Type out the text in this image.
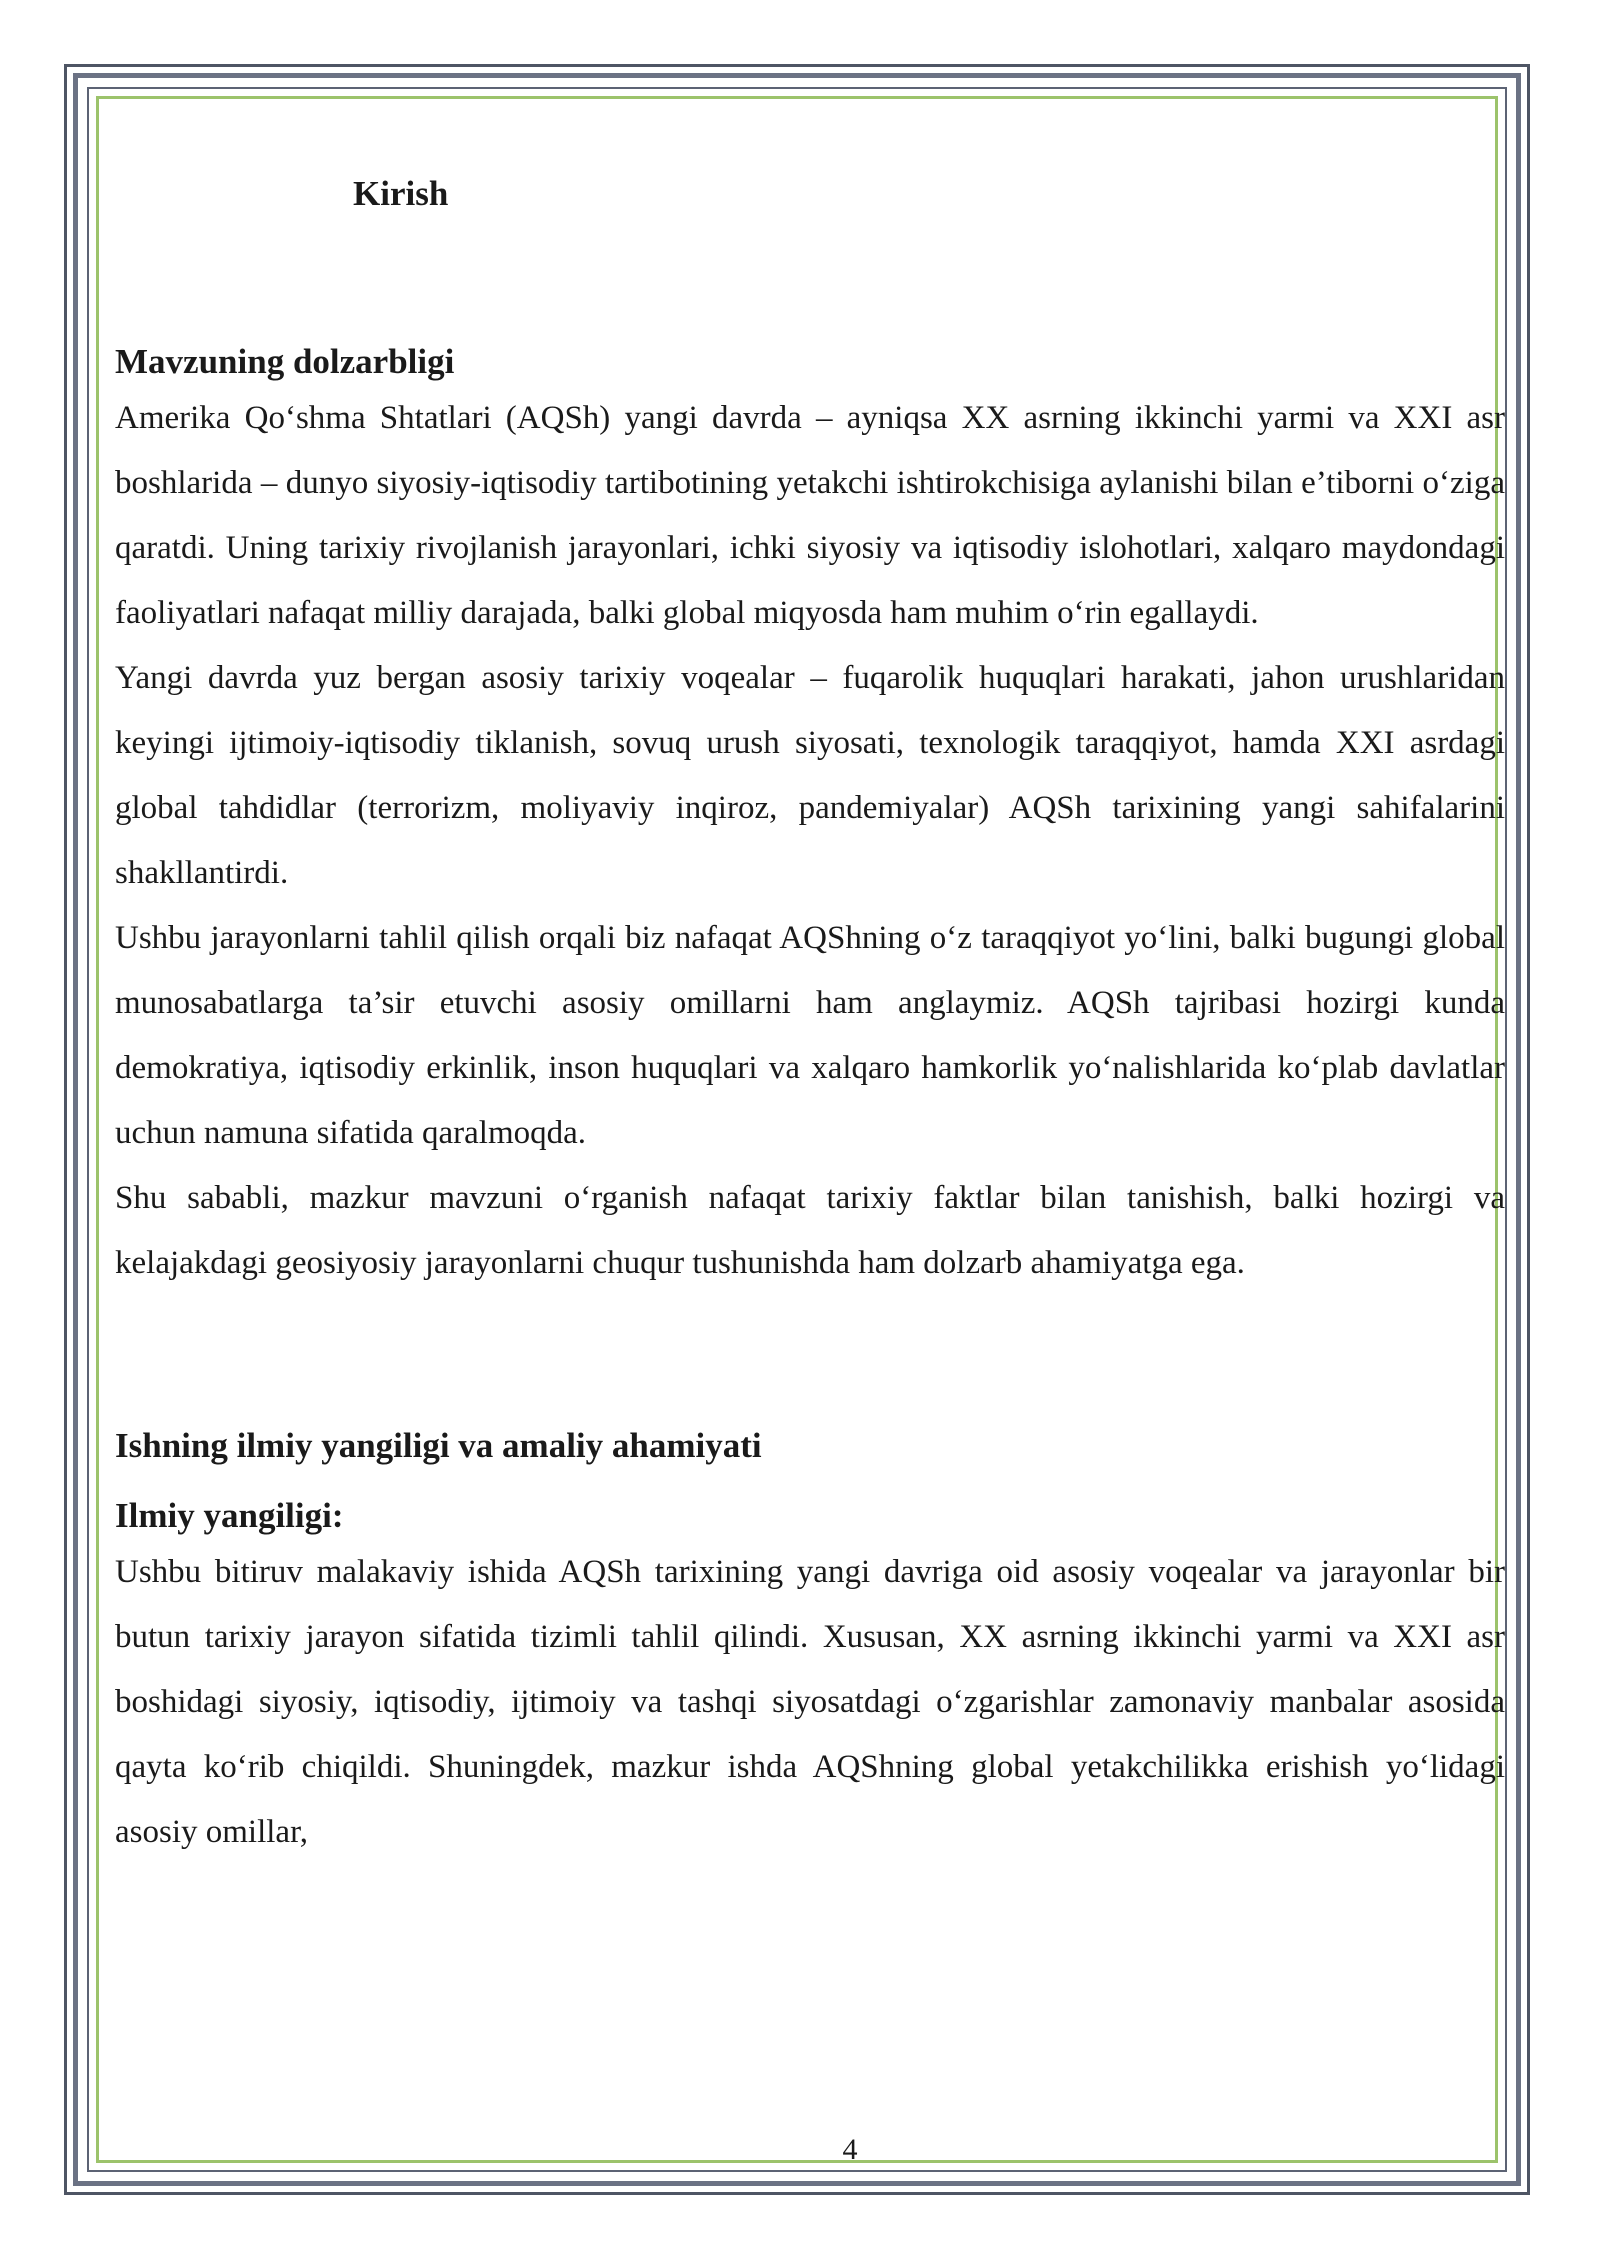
Kirish
Mavzuning dolzarbligi

Amerika Qo‘shma Shtatlari (AQSh) yangi davrda – ayniqsa XX asrning ikkinchi yarmi va XXI asr boshlarida – dunyo siyosiy-iqtisodiy tartibotining yetakchi ishtirokchisiga aylanishi bilan e’tiborni o‘ziga qaratdi. Uning tarixiy rivojlanish jarayonlari, ichki siyosiy va iqtisodiy islohotlari, xalqaro maydondagi faoliyatlari nafaqat milliy darajada, balki global miqyosda ham muhim o‘rin egallaydi.

Yangi davrda yuz bergan asosiy tarixiy voqealar – fuqarolik huquqlari harakati, jahon urushlaridan keyingi ijtimoiy-iqtisodiy tiklanish, sovuq urush siyosati, texnologik taraqqiyot, hamda XXI asrdagi global tahdidlar (terrorizm, moliyaviy inqiroz, pandemiyalar) AQSh tarixining yangi sahifalarini shakllantirdi.

Ushbu jarayonlarni tahlil qilish orqali biz nafaqat AQShning o‘z taraqqiyot yo‘lini, balki bugungi global munosabatlarga ta’sir etuvchi asosiy omillarni ham anglaymiz. AQSh tajribasi hozirgi kunda demokratiya, iqtisodiy erkinlik, inson huquqlari va xalqaro hamkorlik yo‘nalishlarida ko‘plab davlatlar uchun namuna sifatida qaralmoqda.

Shu sababli, mazkur mavzuni o‘rganish nafaqat tarixiy faktlar bilan tanishish, balki hozirgi va kelajakdagi geosiyosiy jarayonlarni chuqur tushunishda ham dolzarb ahamiyatga ega.

Ishning ilmiy yangiligi va amaliy ahamiyati
Ilmiy yangiligi:

Ushbu bitiruv malakaviy ishida AQSh tarixining yangi davriga oid asosiy voqealar va jarayonlar bir butun tarixiy jarayon sifatida tizimli tahlil qilindi. Xususan, XX asrning ikkinchi yarmi va XXI asr boshidagi siyosiy, iqtisodiy, ijtimoiy va tashqi siyosatdagi o‘zgarishlar zamonaviy manbalar asosida qayta ko‘rib chiqildi. Shuningdek, mazkur ishda AQShning global yetakchilikka erishish yo‘lidagi asosiy omillar,

4
